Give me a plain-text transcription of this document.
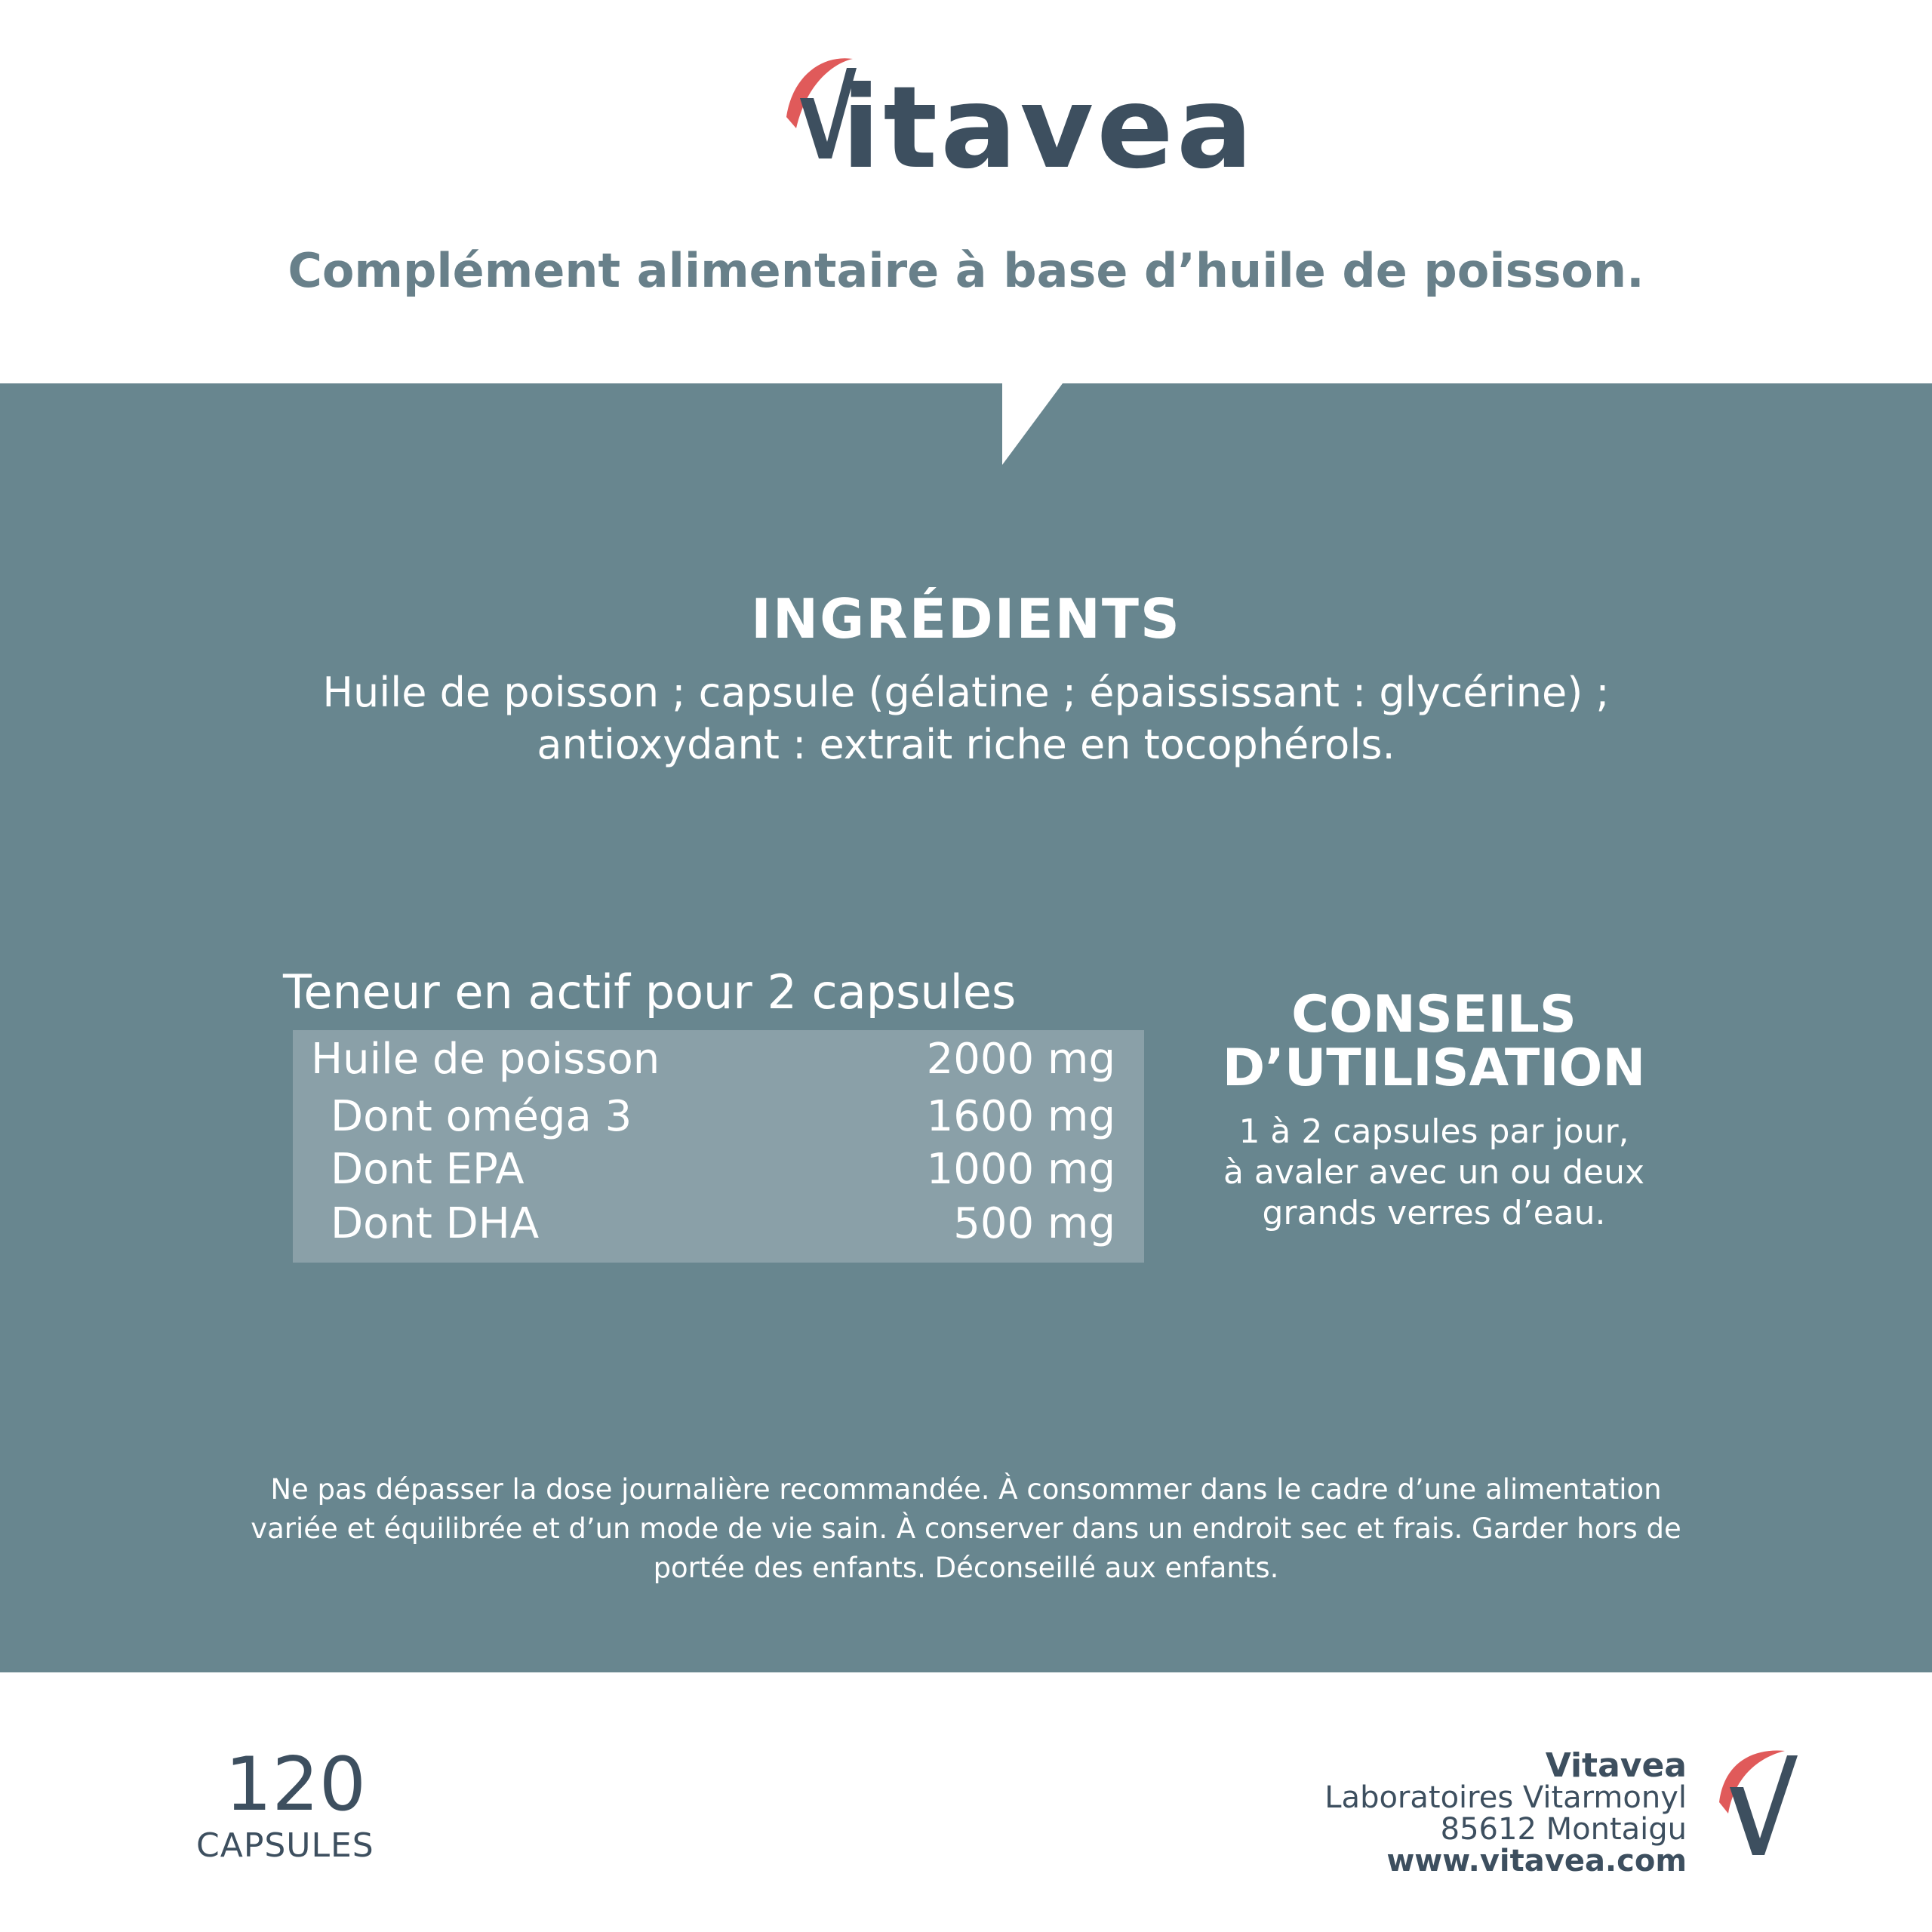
itavea
Complément alimentaire à base d’huile de poisson.
INGRÉDIENTS
Huile de poisson ; capsule (gélatine ; épaississant : glycérine) ;
antioxydant : extrait riche en tocophérols.
Teneur en actif pour 2 capsules
Huile de poisson	2000 mg
Dont oméga 3	1600 mg
Dont EPA	1000 mg
Dont DHA	500 mg
CONSEILS
D’UTILISATION
1 à 2 capsules par jour,
à avaler avec un ou deux
grands verres d’eau.
Ne pas dépasser la dose journalière recommandée. À consommer dans le cadre d’une alimentation
variée et équilibrée et d’un mode de vie sain. À conserver dans un endroit sec et frais. Garder hors de
portée des enfants. Déconseillé aux enfants.
120
CAPSULES
Vitavea
Laboratoires Vitarmonyl
85612 Montaigu
www.vitavea.com
